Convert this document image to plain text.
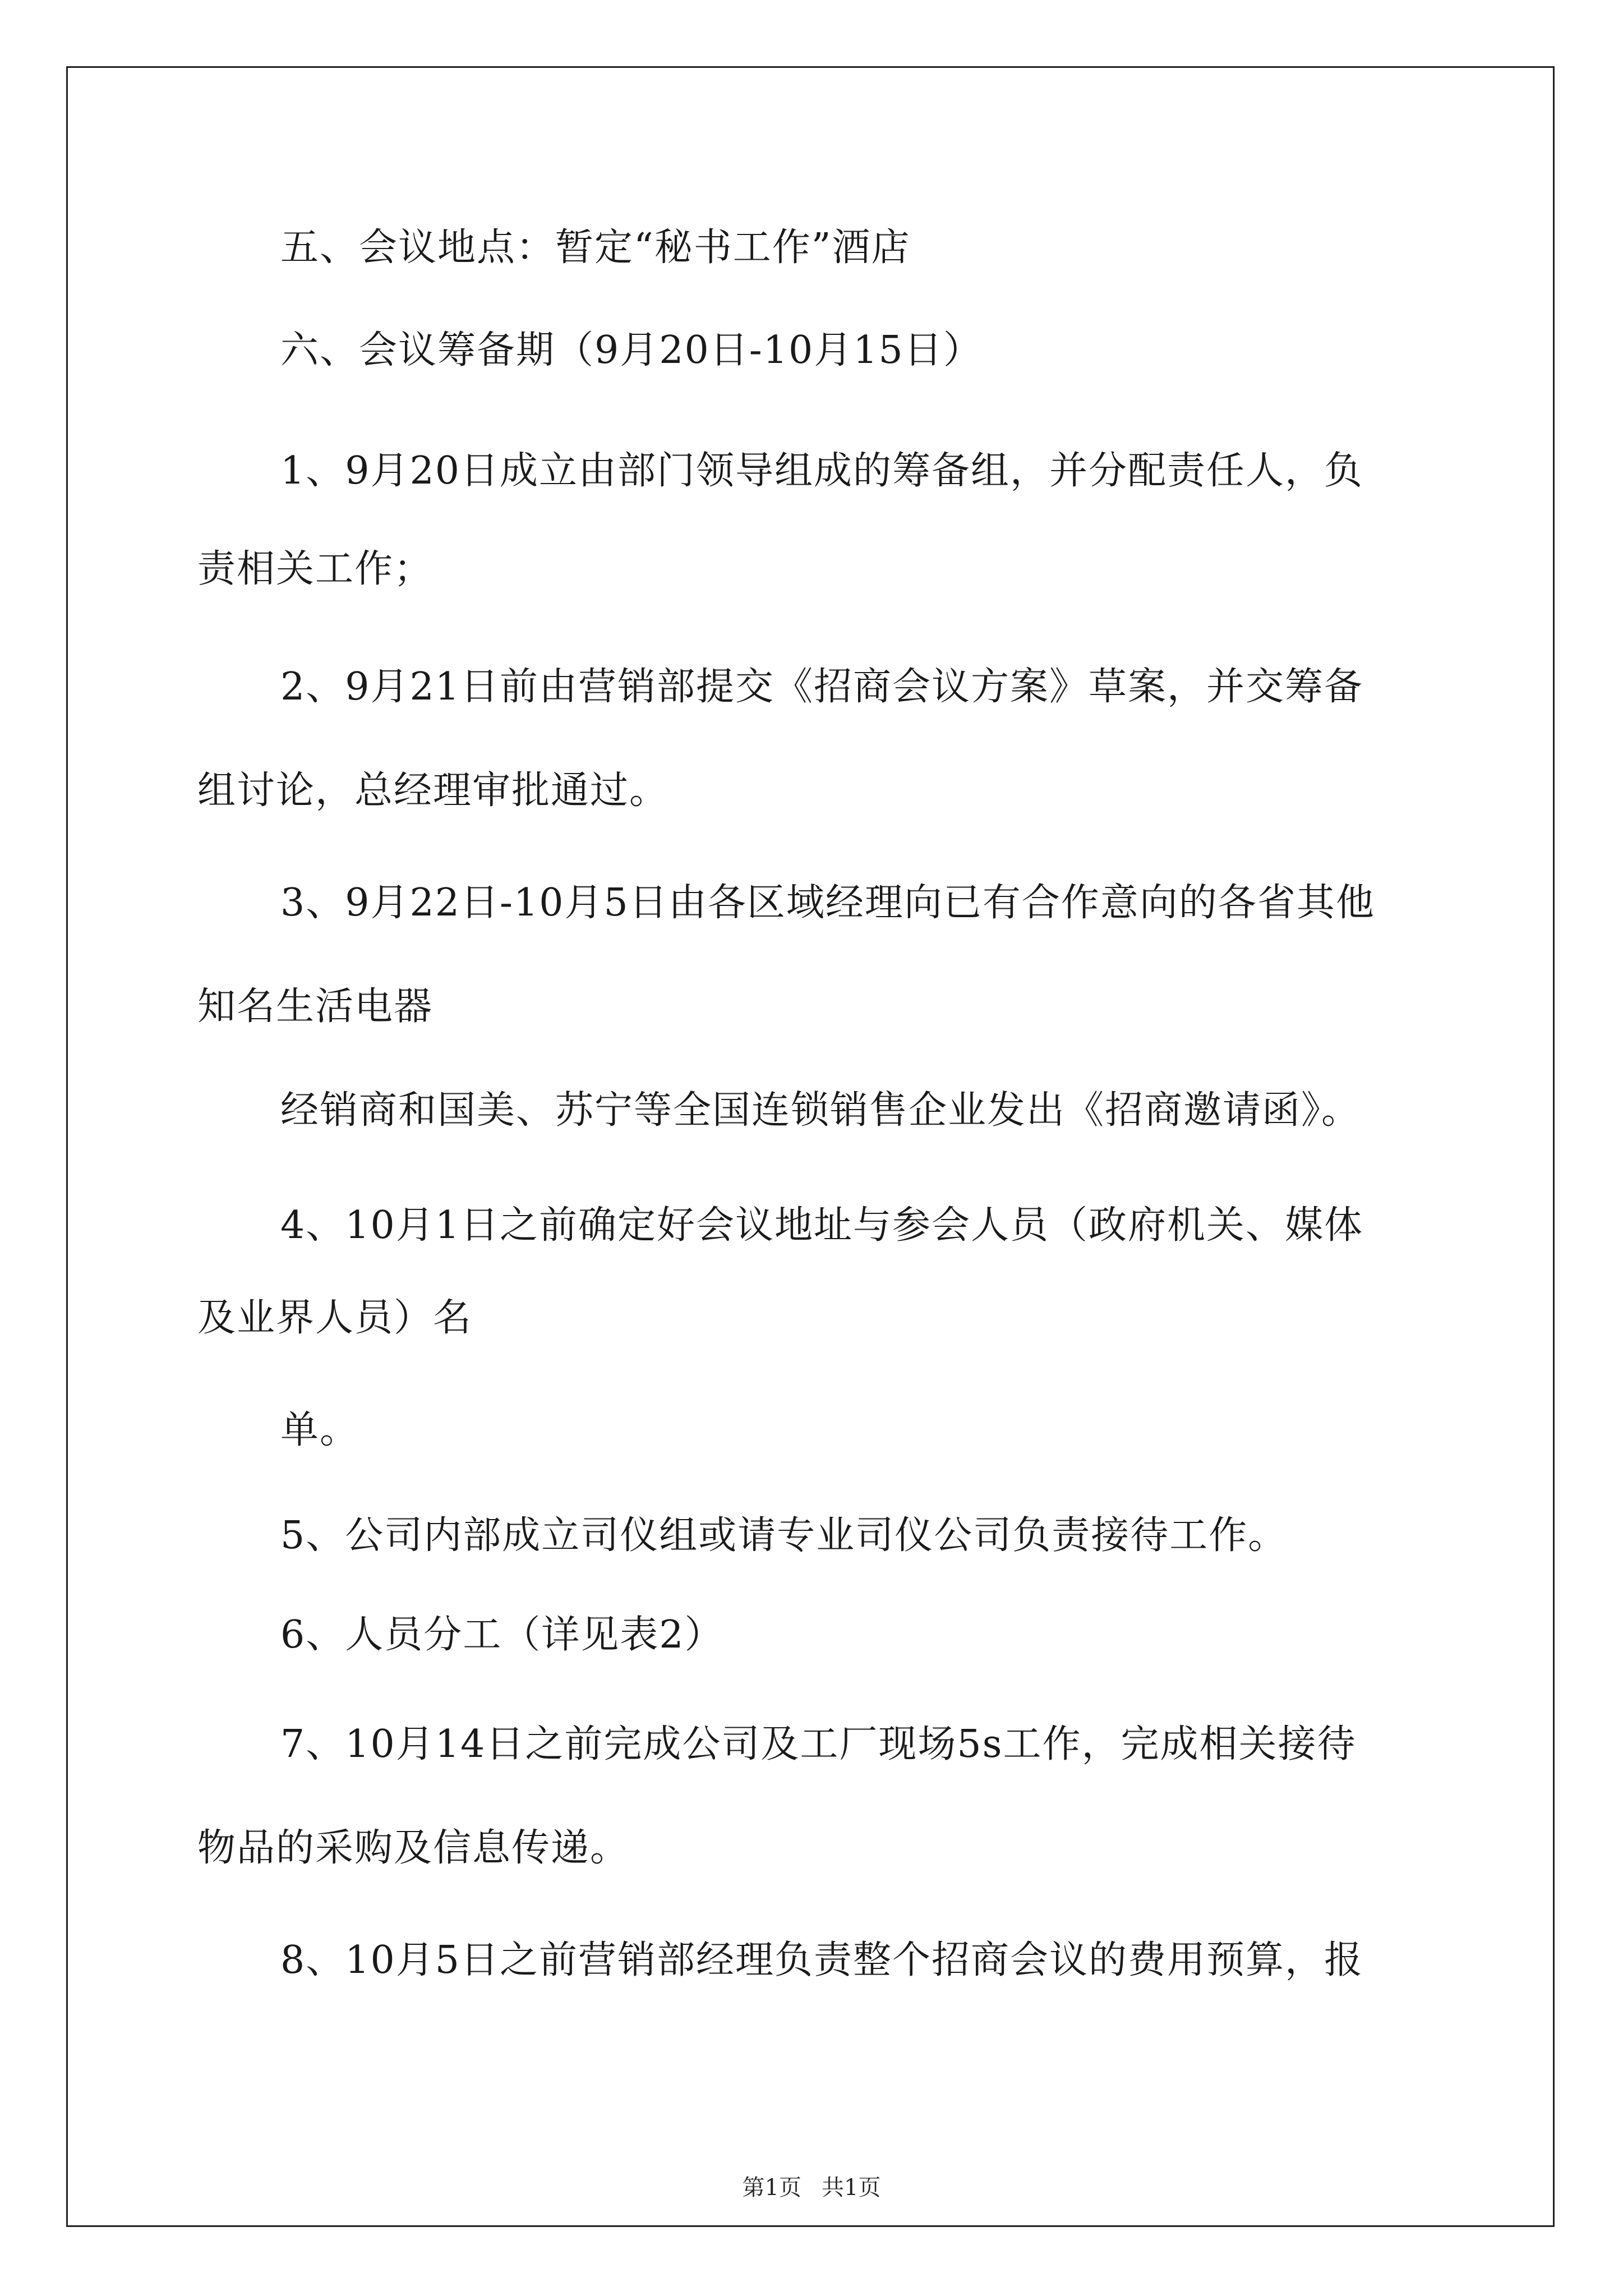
五、会议地点：暂定“秘书工作”酒店
六、会议筹备期（9月20日-10月15日）
1、9月20日成立由部门领导组成的筹备组，并分配责任人，负
责相关工作；
2、9月21日前由营销部提交《招商会议方案》草案，并交筹备
组讨论，总经理审批通过。
3、9月22日-10月5日由各区域经理向已有合作意向的各省其他
知名生活电器
经销商和国美、苏宁等全国连锁销售企业发出《招商邀请函》。
4、10月1日之前确定好会议地址与参会人员（政府机关、媒体
及业界人员）名
单。
5、公司内部成立司仪组或请专业司仪公司负责接待工作。
6、人员分工（详见表2）
7、10月14日之前完成公司及工厂现场5s工作，完成相关接待
物品的采购及信息传递。
8、10月5日之前营销部经理负责整个招商会议的费用预算，报
第1页 共1页
